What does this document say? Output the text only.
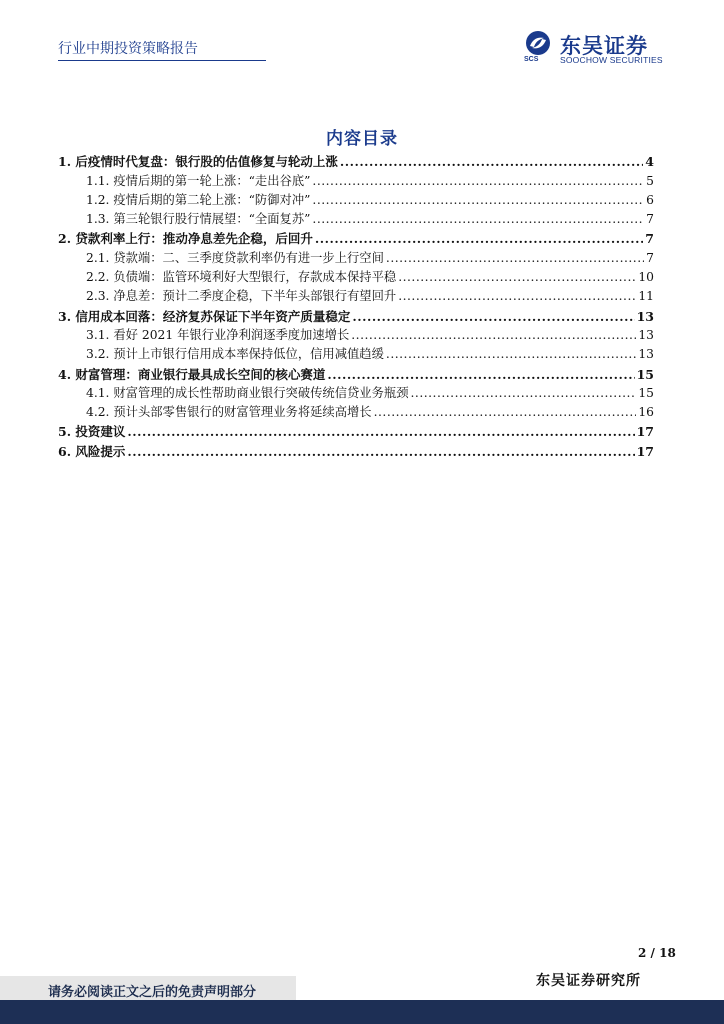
行业中期投资策略报告
SCS
东吴证券
SOOCHOW SECURITIES
内容目录
1. 后疫情时代复盘：银行股的估值修复与轮动上涨 .....	4
1.1. 疫情后期的第一轮上涨：“走出谷底” .....	5
1.2. 疫情后期的第二轮上涨：“防御对冲” .....	6
1.3. 第三轮银行股行情展望：“全面复苏” .....	7
2. 贷款利率上行：推动净息差先企稳，后回升 .....	7
2.1. 贷款端：二、三季度贷款利率仍有进一步上行空间 .....	7
2.2. 负债端：监管环境利好大型银行，存款成本保持平稳 .....	10
2.3. 净息差：预计二季度企稳，下半年头部银行有望回升 .....	11
3. 信用成本回落：经济复苏保证下半年资产质量稳定 .....	13
3.1. 看好 2021 年银行业净利润逐季度加速增长 .....	13
3.2. 预计上市银行信用成本率保持低位，信用减值趋缓 .....	13
4. 财富管理：商业银行最具成长空间的核心赛道 .....	15
4.1. 财富管理的成长性帮助商业银行突破传统信贷业务瓶颈 .....	15
4.2. 预计头部零售银行的财富管理业务将延续高增长 .....	16
5. 投资建议 .....	17
6. 风险提示 .....	17
2 / 18
东吴证券研究所
请务必阅读正文之后的免责声明部分
